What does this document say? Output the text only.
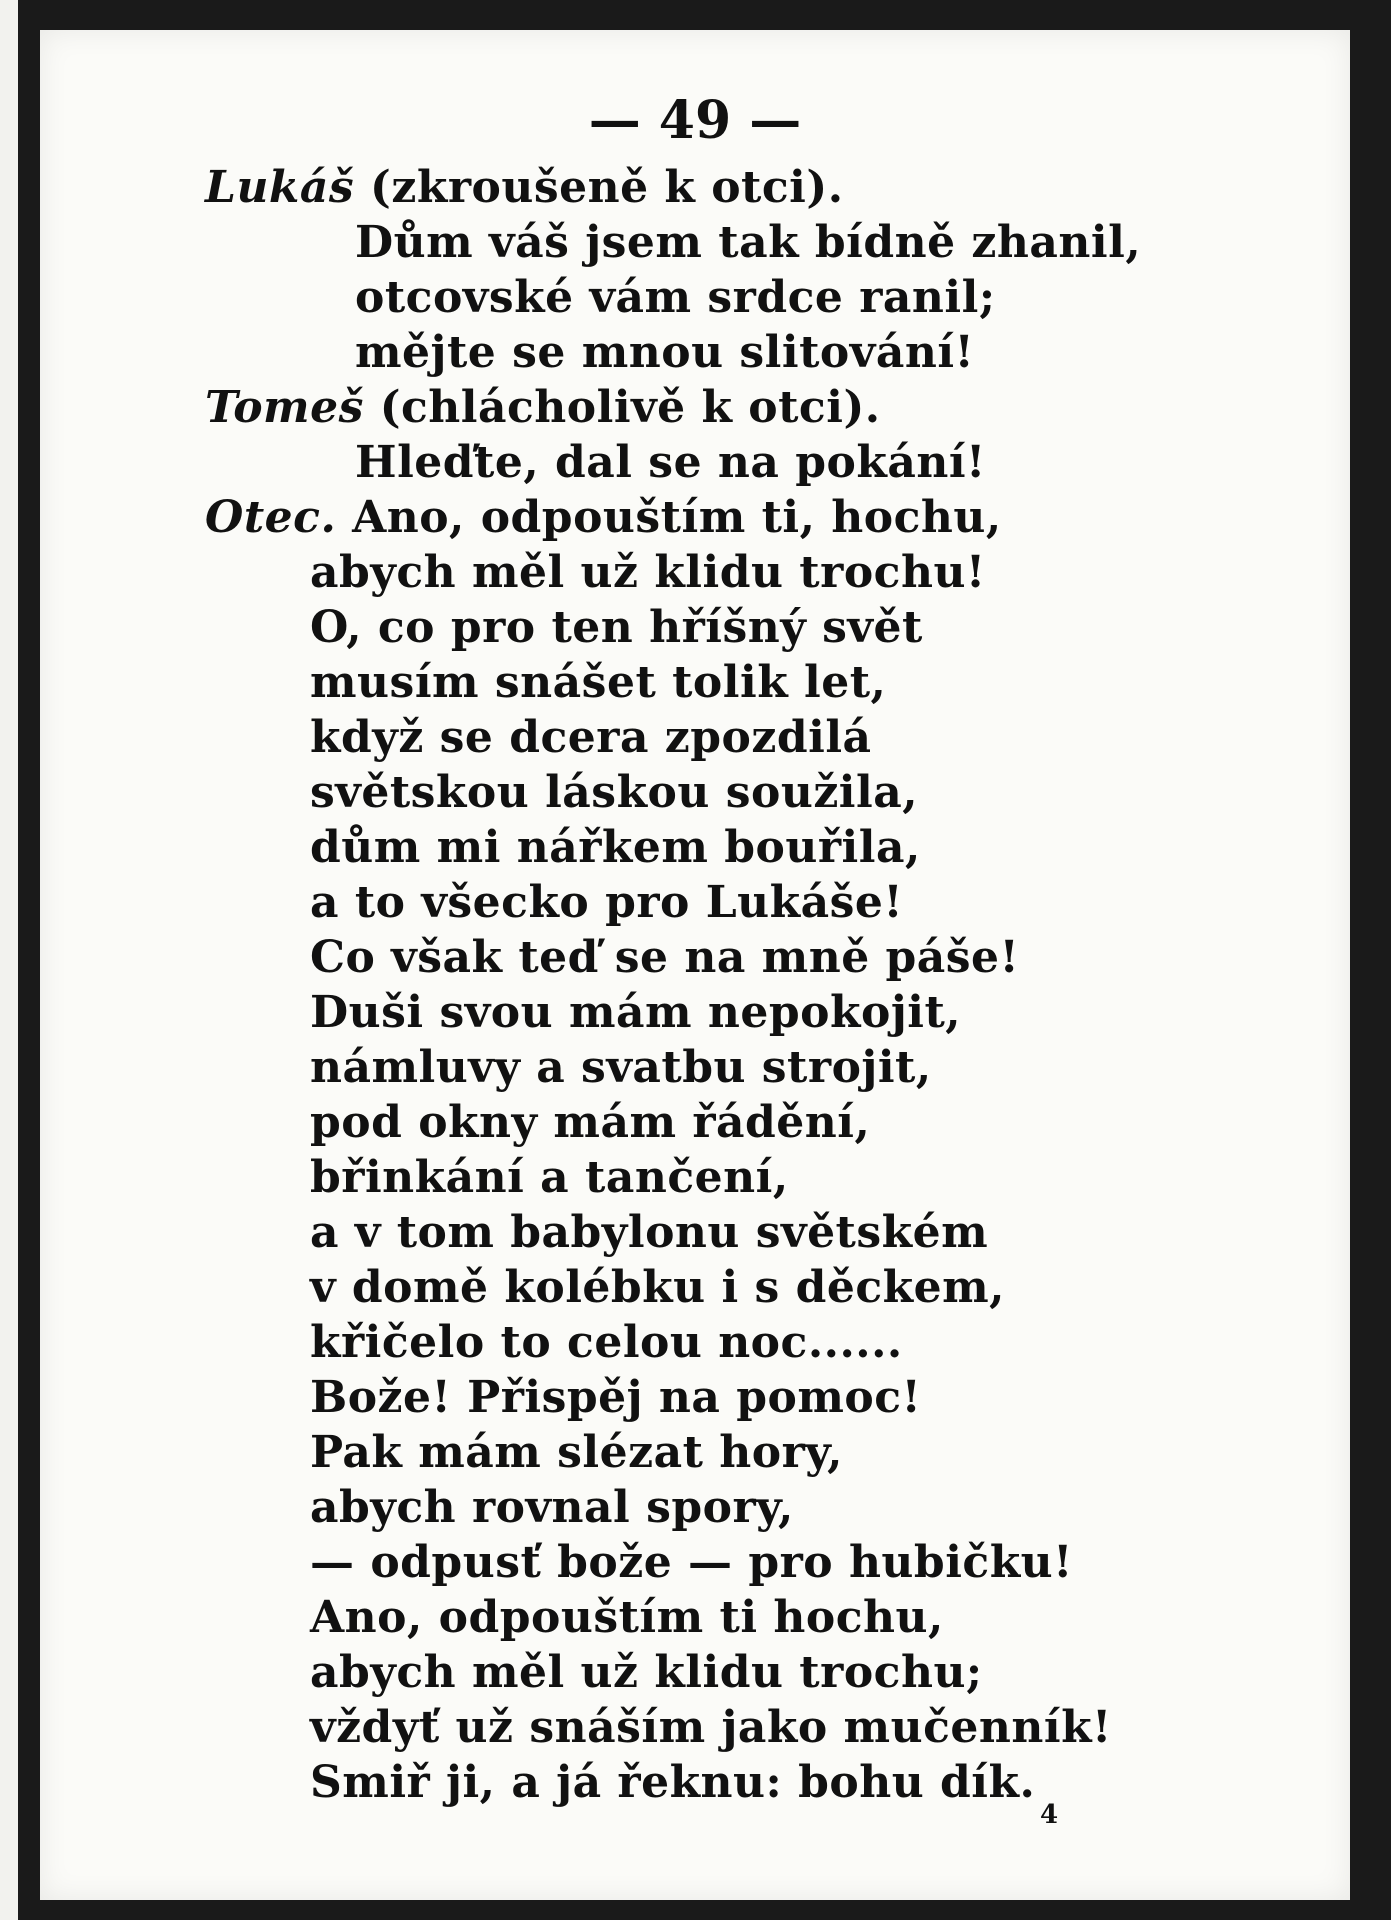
— 49 —
Lukáš (zkroušeně k otci).
Dům váš jsem tak bídně zhanil,
otcovské vám srdce ranil;
mějte se mnou slitování!
Tomeš (chlácholivě k otci).
Hleďte, dal se na pokání!
Otec. Ano, odpouštím ti, hochu,
abych měl už klidu trochu!
O, co pro ten hříšný svět
musím snášet tolik let,
když se dcera zpozdilá
světskou láskou soužila,
dům mi nářkem bouřila,
a to všecko pro Lukáše!
Co však teď se na mně páše!
Duši svou mám nepokojit,
námluvy a svatbu strojit,
pod okny mám řádění,
břinkání a tančení,
a v tom babylonu světském
v domě kolébku i s děckem,
křičelo to celou noc......
Bože! Přispěj na pomoc!
Pak mám slézat hory,
abych rovnal spory,
— odpusť bože — pro hubičku!
Ano, odpouštím ti hochu,
abych měl už klidu trochu;
vždyť už snáším jako mučenník!
Smiř ji, a já řeknu: bohu dík.
4
